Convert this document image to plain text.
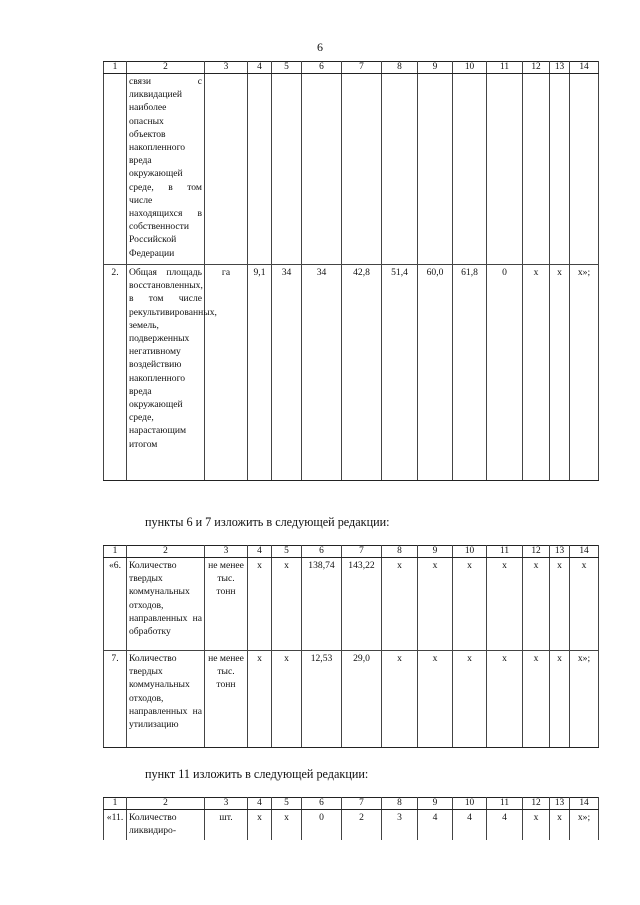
6
1	2	3	4	5	6	7	8	9	10	11	12	13	14
	связи с ликвидацией наиболее опасных объектов накопленного вреда окружающей среде, в том числе находящихся в собственности Российской Федерации												
2.	Общая площадь восстановленных, в том числе рекультивированных, земель, подверженных негативному воздействию накопленного вреда окружающей среде, нарастающим итогом	га	9,1	34	34	42,8	51,4	60,0	61,8	0	х	х	х»;
пункты 6 и 7 изложить в следующей редакции:
1	2	3	4	5	6	7	8	9	10	11	12	13	14
«6.	Количество твердых коммунальных отходов, направленных на обработку	не менее тыс. тонн	х	х	138,74	143,22	х	х	х	х	х	х	х
7.	Количество твердых коммунальных отходов, направленных на утилизацию	не менее тыс. тонн	х	х	12,53	29,0	х	х	х	х	х	х	х»;
пункт 11 изложить в следующей редакции:
1	2	3	4	5	6	7	8	9	10	11	12	13	14
«11.	Количество ликвидиро-	шт.	х	х	0	2	3	4	4	4	х	х	х»;
